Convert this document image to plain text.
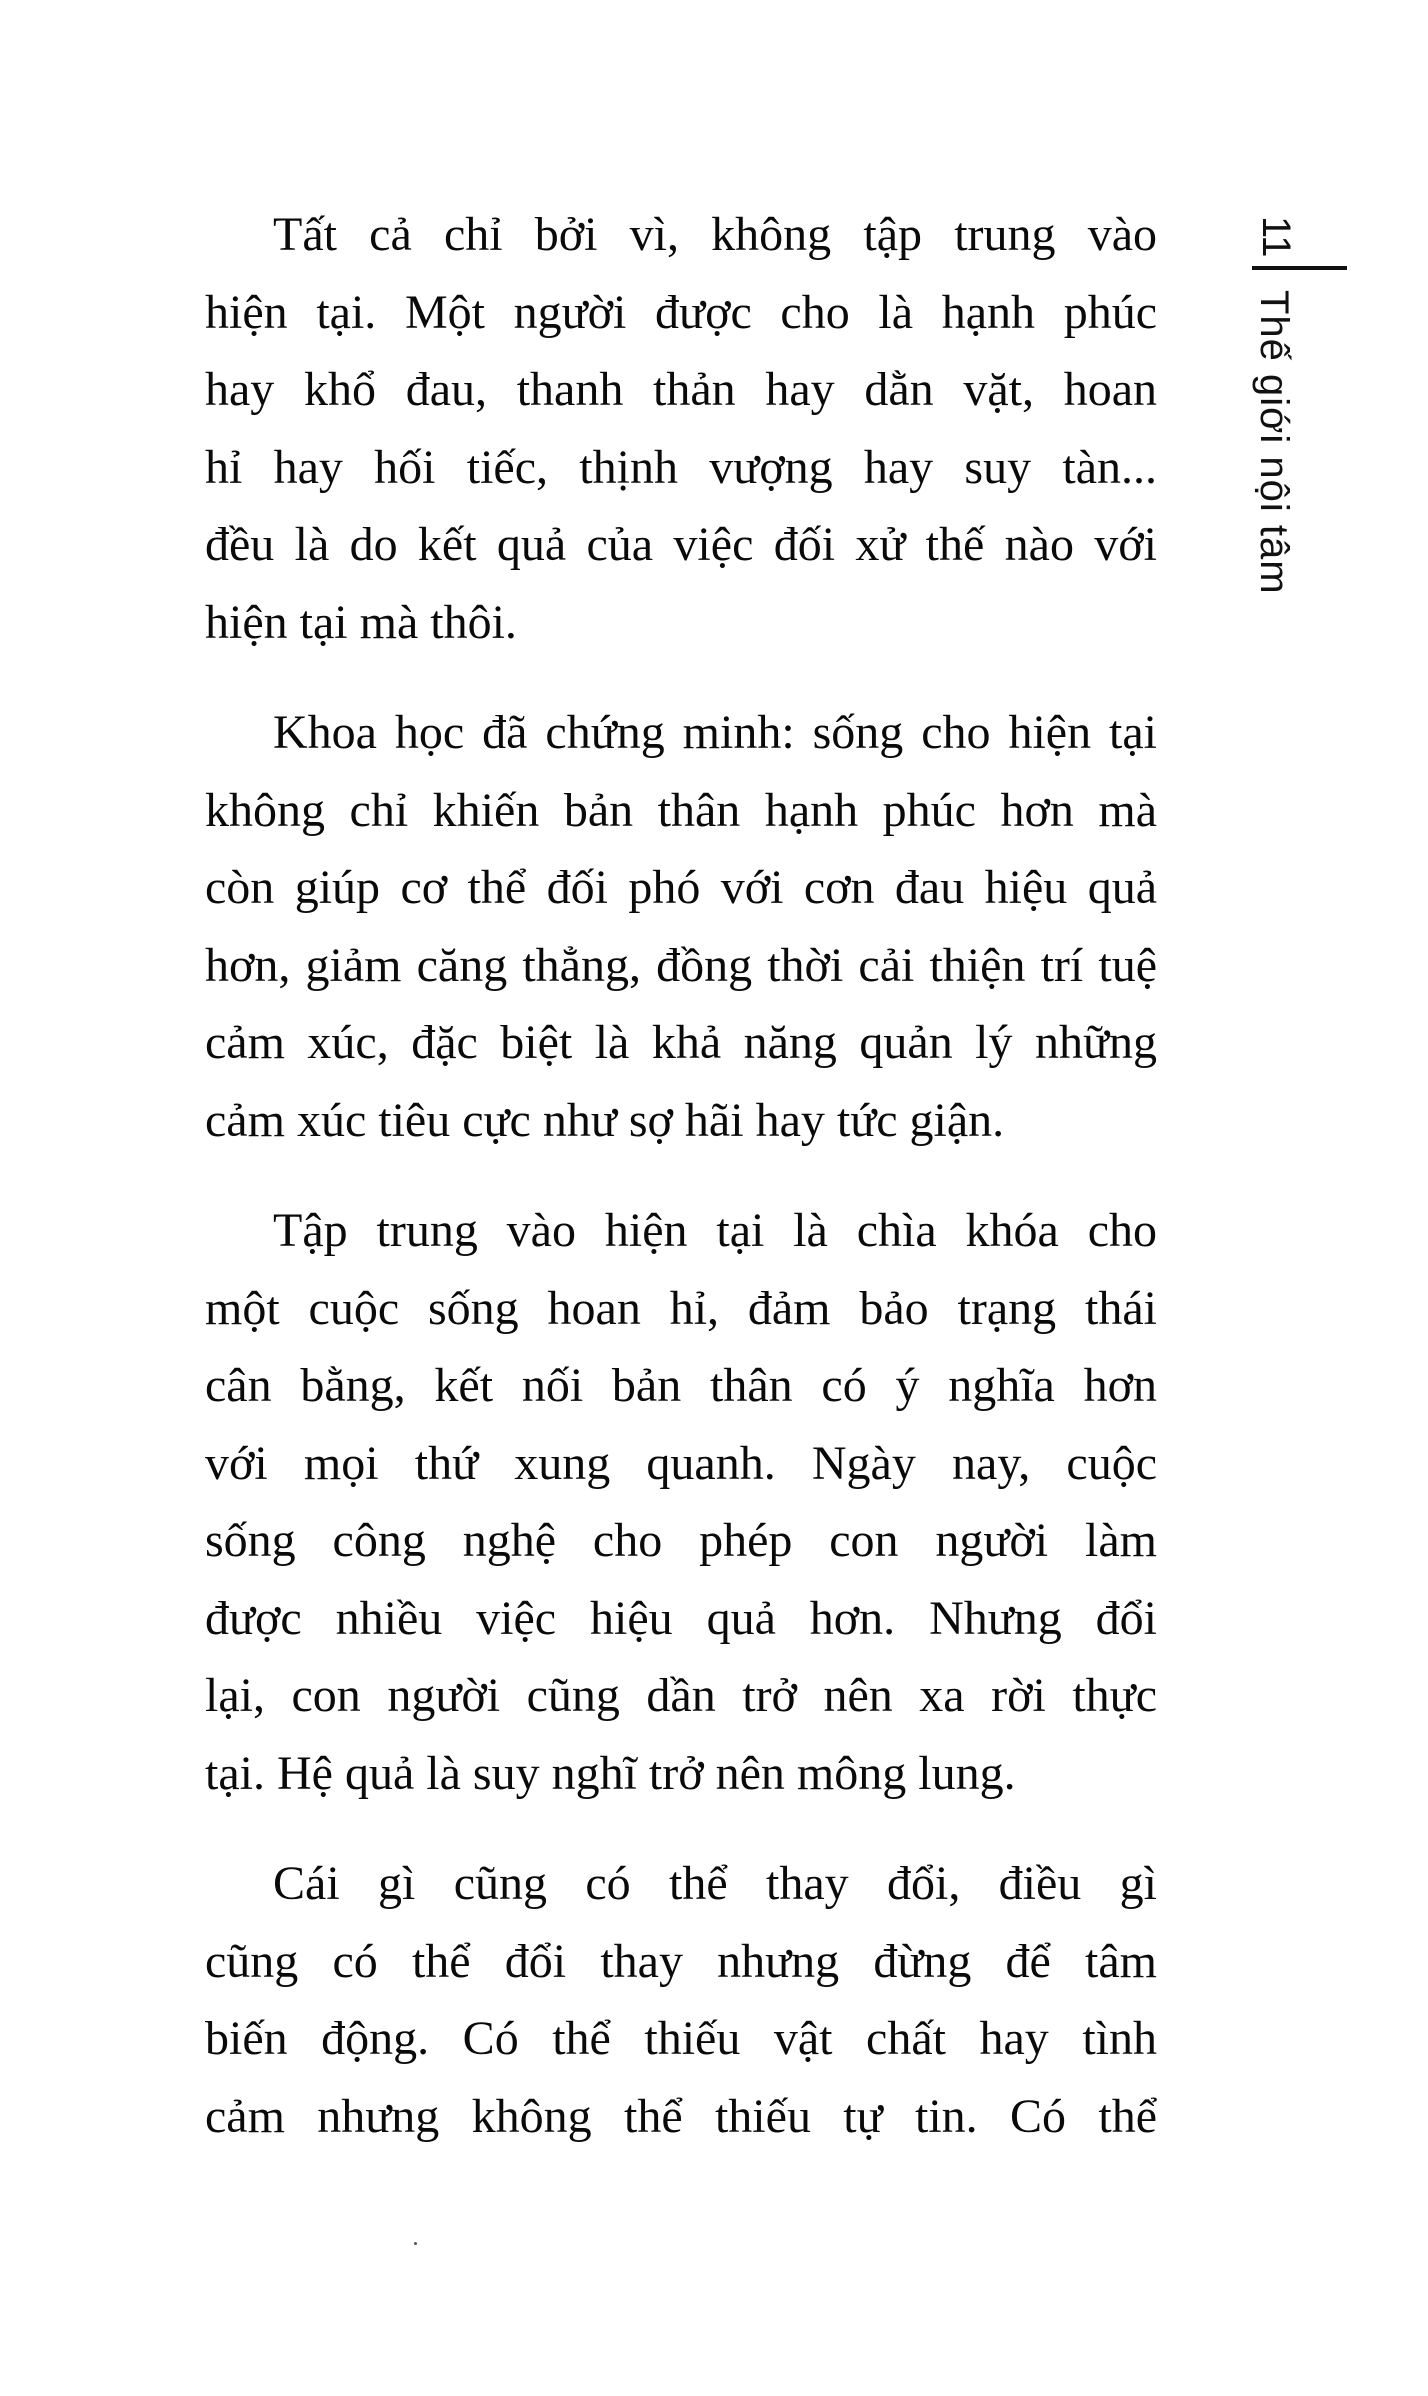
Tất cả chỉ bởi vì, không tập trung vào
hiện tại. Một người được cho là hạnh phúc
hay khổ đau, thanh thản hay dằn vặt, hoan
hỉ hay hối tiếc, thịnh vượng hay suy tàn...
đều là do kết quả của việc đối xử thế nào với
hiện tại mà thôi.

Khoa học đã chứng minh: sống cho hiện tại
không chỉ khiến bản thân hạnh phúc hơn mà
còn giúp cơ thể đối phó với cơn đau hiệu quả
hơn, giảm căng thẳng, đồng thời cải thiện trí tuệ
cảm xúc, đặc biệt là khả năng quản lý những
cảm xúc tiêu cực như sợ hãi hay tức giận.

Tập trung vào hiện tại là chìa khóa cho
một cuộc sống hoan hỉ, đảm bảo trạng thái
cân bằng, kết nối bản thân có ý nghĩa hơn
với mọi thứ xung quanh. Ngày nay, cuộc
sống công nghệ cho phép con người làm
được nhiều việc hiệu quả hơn. Nhưng đổi
lại, con người cũng dần trở nên xa rời thực
tại. Hệ quả là suy nghĩ trở nên mông lung.

Cái gì cũng có thể thay đổi, điều gì
cũng có thể đổi thay nhưng đừng để tâm
biến động. Có thể thiếu vật chất hay tình
cảm nhưng không thể thiếu tự tin. Có thể

11
Thế giới nội tâm
